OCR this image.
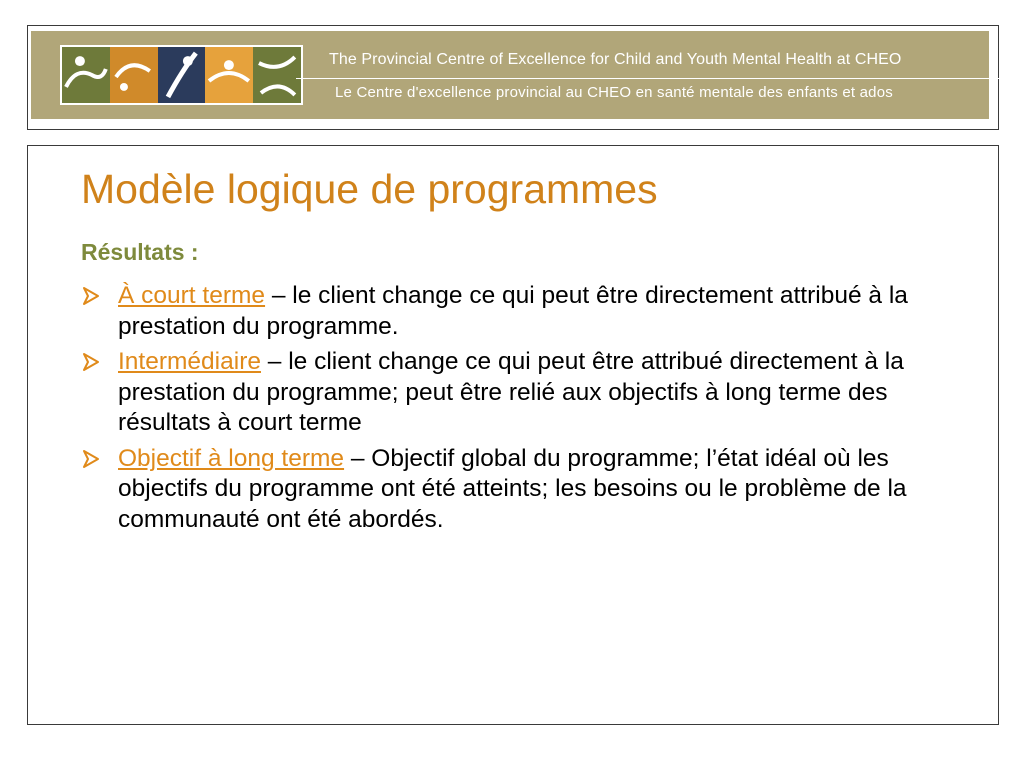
The Provincial Centre of Excellence for Child and Youth Mental Health at CHEO
Le Centre d'excellence provincial au CHEO en santé mentale des enfants et ados
Modèle logique de programmes
Résultats :
À court terme – le client change ce qui peut être directement attribué à la prestation du programme.
Intermédiaire – le client change ce qui peut être attribué directement à la prestation du programme; peut être relié aux objectifs à long terme des résultats à court terme
Objectif à long terme – Objectif global du programme; l’état idéal où les objectifs du programme ont été atteints; les besoins ou le problème de la communauté ont été abordés.
